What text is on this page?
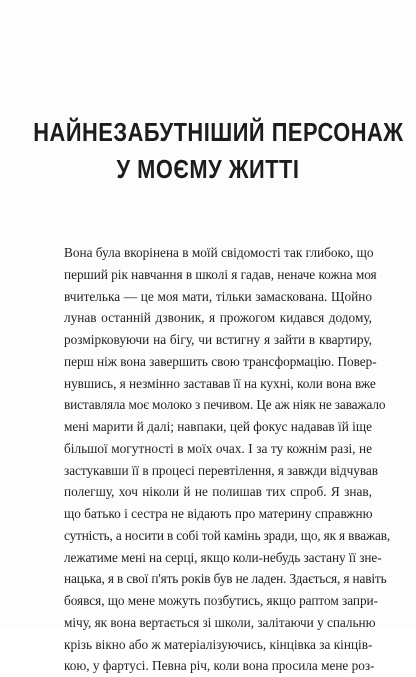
НАЙНЕЗАБУТНІШИЙ ПЕРСОНАЖ
У МОЄМУ ЖИТТІ
Вона була вкорінена в моїй свідомості так глибоко, що
перший рік навчання в школі я гадав, неначе кожна моя
вчителька — це моя мати, тільки замаскована. Щойно
лунав останній дзвоник, я прожогом кидався додому,
розмірковуючи на бігу, чи встигну я зайти в квартиру,
перш ніж вона завершить свою трансформацію. Повер-
нувшись, я незмінно заставав її на кухні, коли вона вже
виставляла моє молоко з печивом. Це аж ніяк не заважало
мені марити й далі; навпаки, цей фокус надавав їй іще
більшої могутності в моїх очах. І за ту кожнім разі, не
застукавши її в процесі перевтілення, я завжди відчував
полегшу, хоч ніколи й не полишав тих спроб. Я знав,
що батько і сестра не відають про материну справжню
сутність, а носити в собі той камінь зради, що, як я вважав,
лежатиме мені на серці, якщо коли-небудь застану її зне-
нацька, я в свої п'ять років був не ладен. Здається, я навіть
боявся, що мене можуть позбутись, якщо раптом запри-
мічу, як вона вертається зі школи, залітаючи у спальню
крізь вікно або ж матеріалізуючись, кінцівка за кінців-
кою, у фартусі. Певна річ, коли вона просила мене роз-
